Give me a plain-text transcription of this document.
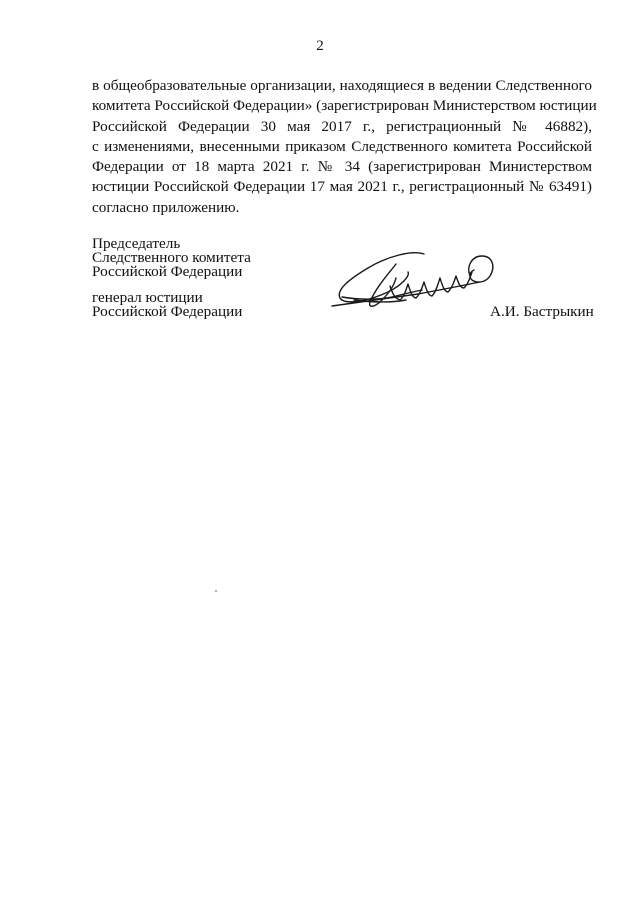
2
в общеобразовательные организации, находящиеся в ведении Следственного
комитета Российской Федерации» (зарегистрирован Министерством юстиции
Российской Федерации 30 мая 2017 г., регистрационный № 46882),
с изменениями, внесенными приказом Следственного комитета Российской
Федерации от 18 марта 2021 г. № 34 (зарегистрирован Министерством
юстиции Российской Федерации 17 мая 2021 г., регистрационный № 63491)
согласно приложению.
Председатель
Следственного комитета
Российской Федерации
генерал юстиции
Российской Федерации	А.И. Бастрыкин
